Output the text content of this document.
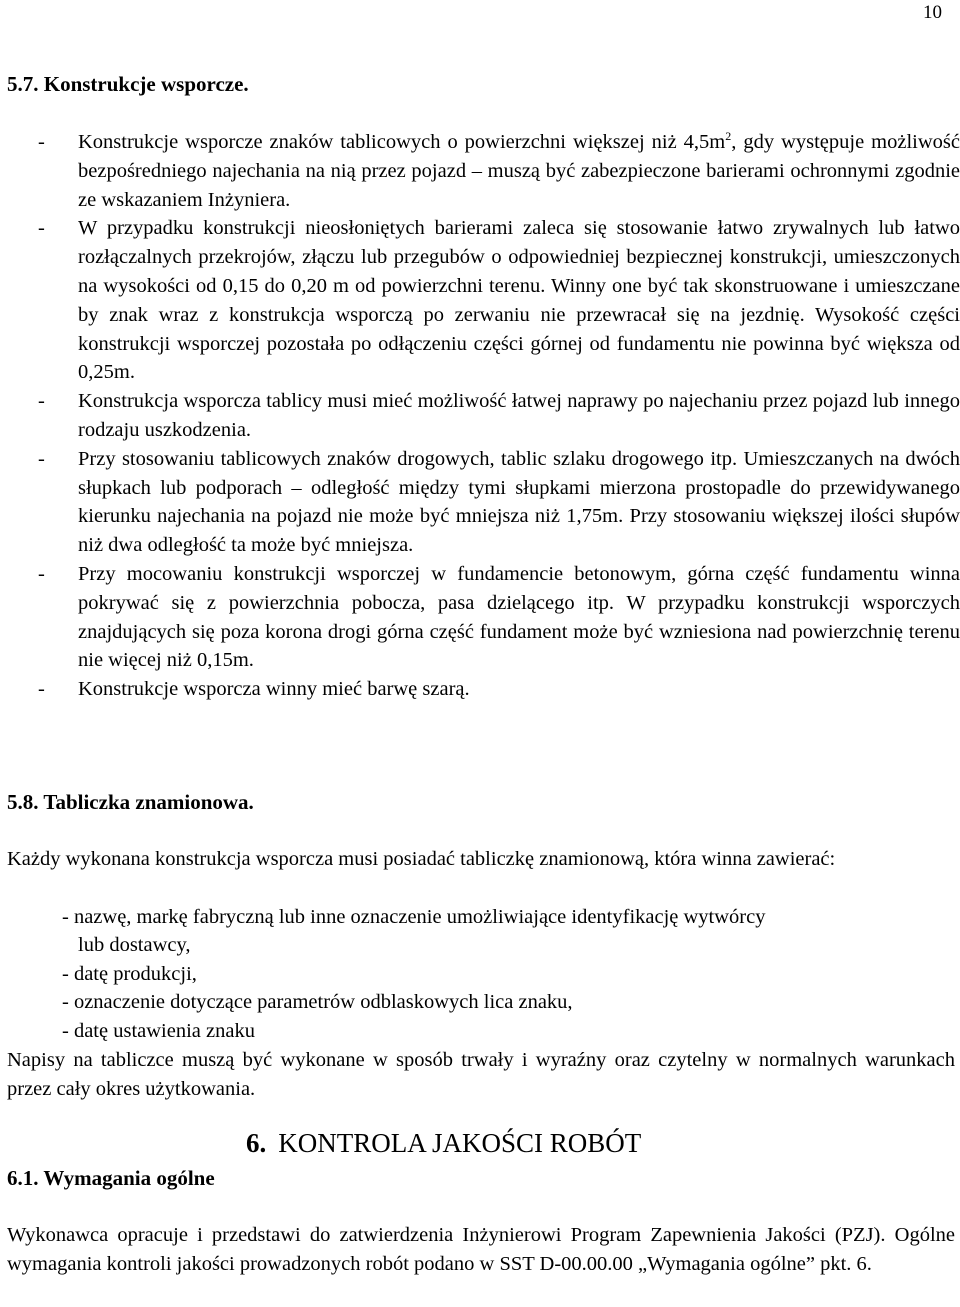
10
5.7. Konstrukcje wsporcze.
- Konstrukcje wsporcze znaków tablicowych o powierzchni większej niż $4,5m^2$, gdy występuje możliwość bezpośredniego najechania na nią przez pojazd – muszą być zabezpieczone barierami ochronnymi zgodnie ze wskazaniem Inżyniera.
- W przypadku konstrukcji nieosłoniętych barierami zaleca się stosowanie łatwo zrywalnych lub łatwo rozłączalnych przekrojów, złączu lub przegubów o odpowiedniej bezpiecznej konstrukcji, umieszczonych na wysokości od 0,15 do 0,20 m od powierzchni terenu. Winny one być tak skonstruowane i umieszczane by znak wraz z konstrukcja wsporczą po zerwaniu nie przewracał się na jezdnię. Wysokość części konstrukcji wsporczej pozostała po odłączeniu części górnej od fundamentu nie powinna być większa od 0,25m.
- Konstrukcja wsporcza tablicy musi mieć możliwość łatwej naprawy po najechaniu przez pojazd lub innego rodzaju uszkodzenia.
- Przy stosowaniu tablicowych znaków drogowych, tablic szlaku drogowego itp. Umieszczanych na dwóch słupkach lub podporach – odległość między tymi słupkami mierzona prostopadle do przewidywanego kierunku najechania na pojazd nie może być mniejsza niż 1,75m. Przy stosowaniu większej ilości słupów niż dwa odległość ta może być mniejsza.
- Przy mocowaniu konstrukcji wsporczej w fundamencie betonowym, górna część fundamentu winna pokrywać się z powierzchnia pobocza, pasa dzielącego itp. W przypadku konstrukcji wsporczych znajdujących się poza korona drogi górna część fundament może być wzniesiona nad powierzchnię terenu nie więcej niż 0,15m.
- Konstrukcje wsporcza winny mieć barwę szarą.
5.8. Tabliczka znamionowa.

Każdy wykonana konstrukcja wsporcza musi posiadać tabliczkę znamionową, która winna zawierać:

- nazwę, markę fabryczną lub inne oznaczenie umożliwiające identyfikację wytwórcy
lub dostawcy,
- datę produkcji,
- oznaczenie dotyczące parametrów odblaskowych lica znaku,
- datę ustawienia znaku

Napisy na tabliczce muszą być wykonane w sposób trwały i wyraźny oraz czytelny w normalnych warunkach przez cały okres użytkowania.

6. KONTROLA JAKOŚCI ROBÓT
6.1. Wymagania ogólne

Wykonawca opracuje i przedstawi do zatwierdzenia Inżynierowi Program Zapewnienia Jakości (PZJ). Ogólne wymagania kontroli jakości prowadzonych robót podano w SST D-00.00.00 „Wymagania ogólne” pkt. 6.
